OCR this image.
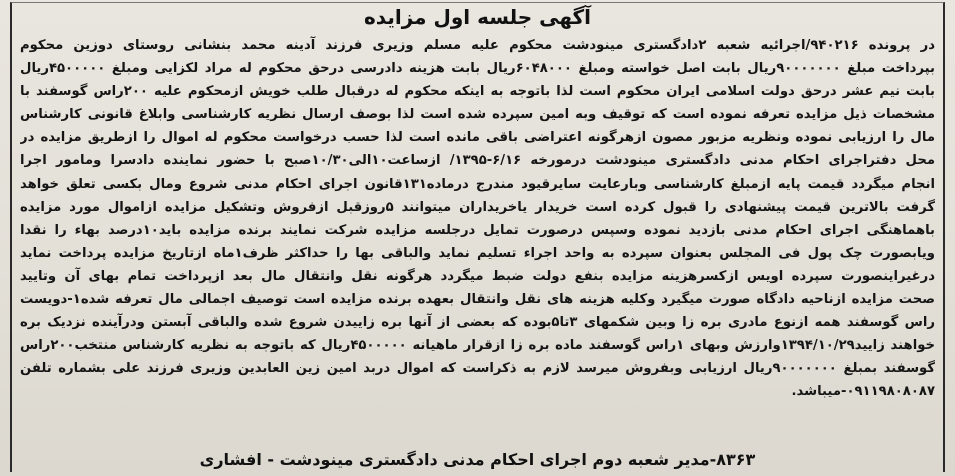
آگهی جلسه اول مزایده
در پرونده ۹۴۰۲۱۶/اجرائیه شعبه ۲دادگستری مینودشت محکوم علیه مسلم وزیری فرزند آدینه محمد بنشانی روستای دوزین محکوم
بپرداخت مبلغ ۹۰۰۰۰۰۰۰ریال بابت اصل خواسته ومبلغ ۶۰۴۸۰۰۰ریال بابت هزینه دادرسی درحق محکوم له مراد لکزایی ومبلغ ۴۵۰۰۰۰۰ریال
بابت نیم عشر درحق دولت اسلامی ایران محکوم است لذا باتوجه به اینکه محکوم له درقبال طلب خویش ازمحکوم علیه ۲۰۰راس گوسفند با
مشخصات ذیل مزایده تعرفه نموده است که توقیف وبه امین سپرده شده است لذا بوصف ارسال نظریه کارشناسی وابلاغ قانونی کارشناس
مال را ارزیابی نموده ونظریه مزبور مصون ازهرگونه اعتراضی باقی مانده است لذا حسب درخواست محکوم له اموال را ازطریق مزایده در
محل دفتراجرای احکام مدنی دادگستری مینودشت درمورخه ۶/۱۶-۱۳۹۵/ ازساعت۱۰الی۱۰/۳۰صبح با حضور نماینده دادسرا ومامور اجرا
انجام میگردد قیمت پایه ازمبلغ کارشناسی وبارعایت سایرقیود مندرج درماده۱۳۱قانون اجرای احکام مدنی شروع ومال بکسی تعلق خواهد
گرفت بالاترین قیمت پیشنهادی را قبول کرده است خریدار یاخریداران میتوانند ۵روزقبل ازفروش وتشکیل مزایده ازاموال مورد مزایده
باهماهنگی اجرای احکام مدنی بازدید نموده وسپس درصورت تمایل درجلسه مزایده شرکت نمایند برنده مزایده باید۱۰درصد بهاء را نقدا
ویابصورت چک پول فی المجلس بعنوان سپرده به واحد اجراء تسلیم نماید والباقی بها را حداکثر ظرف۱ماه ازتاریخ مزایده پرداخت نماید
درغیراینصورت سپرده اویس ازکسرهزینه مزایده بنفع دولت ضبط میگردد هرگونه نقل وانتقال مال بعد ازپرداخت تمام بهای آن وتایید
صحت مزایده ازناحیه دادگاه صورت میگیرد وکلیه هزینه های نقل وانتقال بعهده برنده مزایده است توصیف اجمالی مال تعرفه شده۱-دویست
راس گوسفند همه ازنوع مادری بره زا وبین شکمهای ۳تا۵بوده که بعضی از آنها بره زاییدن شروع شده والباقی آبستن ودرآینده نزدیک بره
خواهند زایید۱۳۹۴/۱۰/۲۹وارزش وبهای ۱راس گوسفند ماده بره زا ازقرار ماهیانه ۴۵۰۰۰۰۰ریال که باتوجه به نظریه کارشناس منتخب۲۰۰راس
گوسفند بمبلغ ۹۰۰۰۰۰۰۰ریال ارزیابی وبفروش میرسد لازم به ذکراست که اموال دربد امین زین العابدین وزیری فرزند علی بشماره تلفن
۰۹۱۱۹۸۰۸۰۸۷-میباشد.
۸۳۶۳-مدیر شعبه دوم اجرای احکام مدنی دادگستری مینودشت - افشاری
